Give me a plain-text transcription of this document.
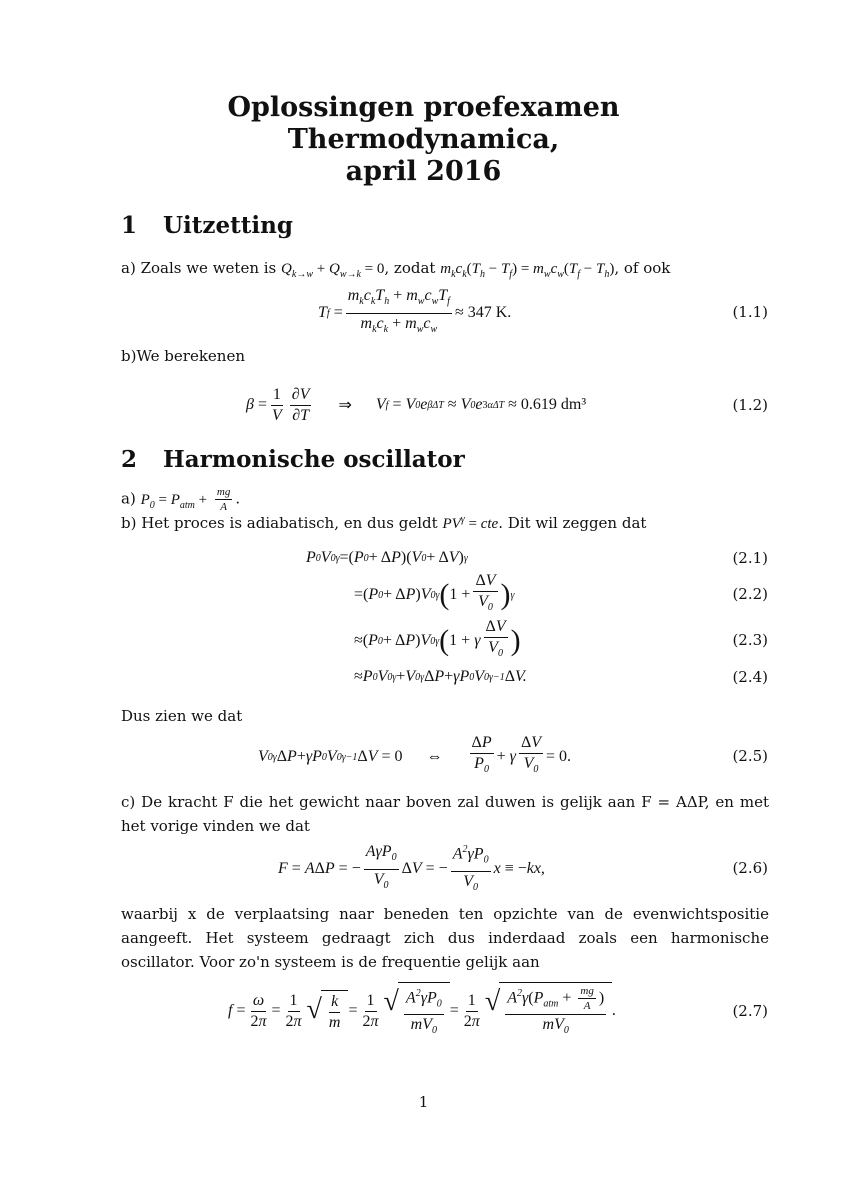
Oplossingen proefexamen Thermodynamica,
april 2016
1 Uitzetting
a) Zoals we weten is $Q_{k\to w} + Q_{w\to k} = 0$, zodat $m_kc_k(T_h - T_f) = m_wc_w(T_f - T_h)$, of ook
T f
= $\frac{m_kc_kT_h + m_wc_wT_f}{m_kc_k + m_wc_w} \approx 347$ K.	(1.1)
b)We berekenen
$\beta = \frac{1}{V} \frac{\partial V}{\partial T}$ ⇒ V f
= V 0 e βΔT
≈ V 0 e 3αΔT
≈ 0.619 dm³	(1.2)
2 Harmonische oscillator
a) $P_0 = P_{atm} + \frac{mg}{A}$ .
b) Het proces is adiabatisch, en dus geldt $PV^\gamma$ = cte. Dit wil zeggen dat
P 0 V 0 γ =( P 0 + Δ P )( V 0 + Δ V ) γ	(2.1)
=( P 0 + Δ P ) V 0 γ ( $1 + \frac{\Delta V}{V_0}$ ) γ	(2.2)
≈( P 0 + Δ P ) V 0 γ ( 1 + γ $\frac{\Delta V}{V_0}$ )	(2.3)
≈ P 0 V 0 γ + V 0 γ Δ P + γP 0 V 0 γ−1 Δ V.	(2.4)
Dus zien we dat
V 0 γ Δ P + γP 0 V 0 γ−1 Δ V = 0 ⇔ $\frac{\Delta P}{P_0} + \gamma \frac{\Delta V}{V_0} = 0$.	(2.5)
c) De kracht F die het gewicht naar boven zal duwen is gelijk aan F = AΔP, en met het vorige vinden we dat
F = A Δ P = − $\frac{A\gamma P_0}{V_0}$ Δ V = − $\frac{A^2\gamma P_0}{V_0}$ x ≡ − kx,	(2.6)
waarbij x de verplaatsing naar beneden ten opzichte van de evenwichtspositie aangeeft. Het systeem gedraagt zich dus inderdaad zoals een harmonische oscillator. Voor zo'n systeem is de frequentie gelijk aan
$f = \frac{\omega}{2\pi} = \frac{1}{2\pi}$ √ $\frac{k}{m} = \frac{1}{2\pi}$ √ $\frac{A^2\gamma P_0}{mV_0} = \frac{1}{2\pi}$ √ $\frac{A^2\gamma(P_{atm} + \frac{mg}{A} )}{mV_0}$ .	(2.7)
1
